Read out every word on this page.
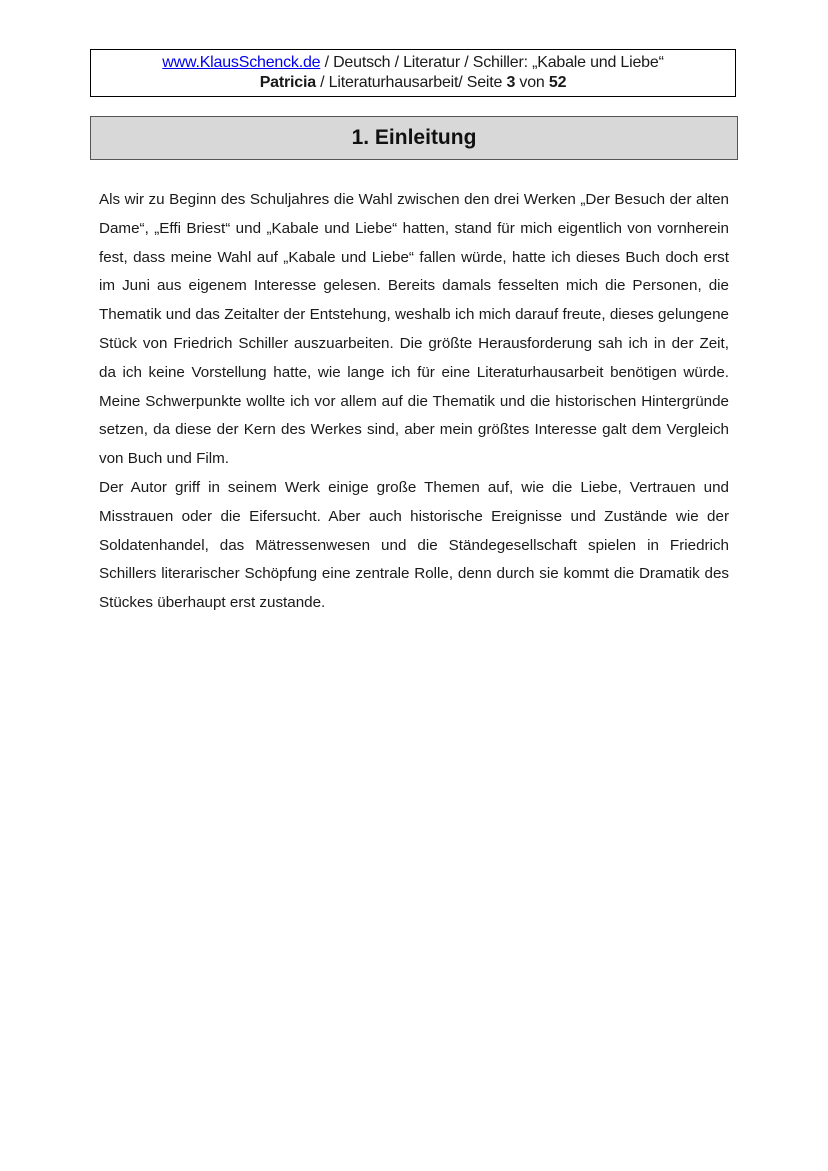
www.KlausSchenck.de / Deutsch / Literatur / Schiller: „Kabale und Liebe“
Patricia / Literaturhausarbeit/ Seite 3 von 52
1. Einleitung

Als wir zu Beginn des Schuljahres die Wahl zwischen den drei Werken „Der Besuch der alten Dame“, „Effi Briest“ und „Kabale und Liebe“ hatten, stand für mich eigentlich von vornherein fest, dass meine Wahl auf „Kabale und Liebe“ fallen würde, hatte ich dieses Buch doch erst im Juni aus eigenem Interesse gelesen. Bereits damals fesselten mich die Personen, die Thematik und das Zeitalter der Entstehung, weshalb ich mich darauf freute, dieses gelungene Stück von Friedrich Schiller auszuarbeiten. Die größte Herausforderung sah ich in der Zeit, da ich keine Vorstellung hatte, wie lange ich für eine Literaturhausarbeit benötigen würde. Meine Schwerpunkte wollte ich vor allem auf die Thematik und die historischen Hintergründe setzen, da diese der Kern des Werkes sind, aber mein größtes Interesse galt dem Vergleich von Buch und Film.

Der Autor griff in seinem Werk einige große Themen auf, wie die Liebe, Vertrauen und Misstrauen oder die Eifersucht. Aber auch historische Ereignisse und Zustände wie der Soldatenhandel, das Mätressenwesen und die Ständegesellschaft spielen in Friedrich Schillers literarischer Schöpfung eine zentrale Rolle, denn durch sie kommt die Dramatik des Stückes überhaupt erst zustande.
